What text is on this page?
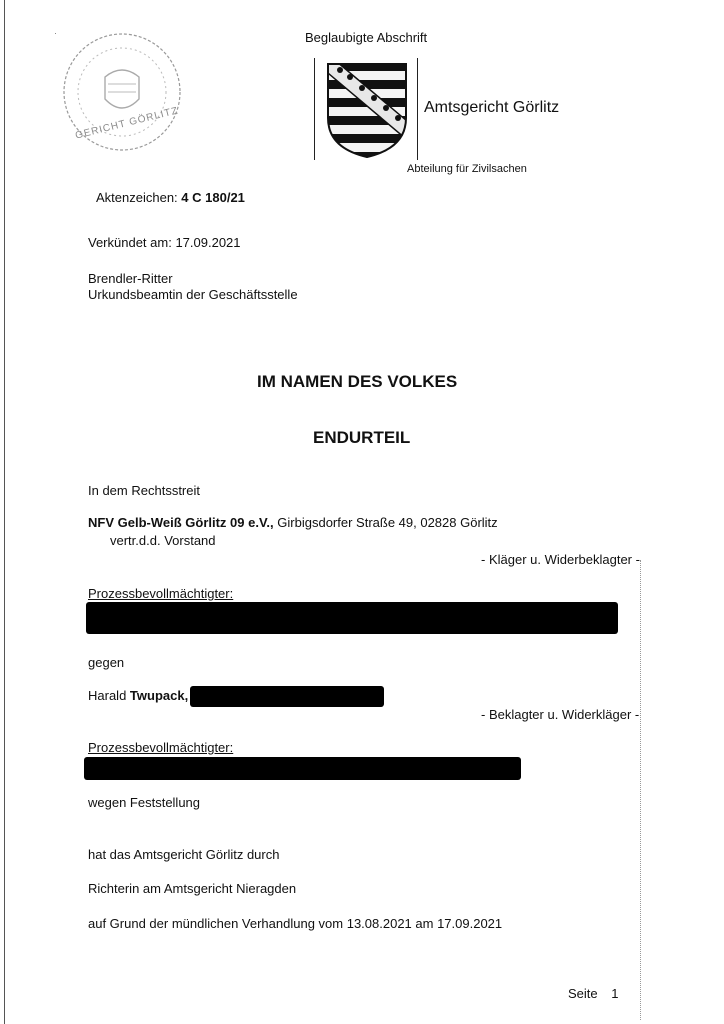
·
GERICHT GÖRLITZ
Beglaubigte Abschrift
Amtsgericht Görlitz
Abteilung für Zivilsachen
Aktenzeichen: 4 C 180/21
Verkündet am: 17.09.2021
Brendler-Ritter
Urkundsbeamtin der Geschäftsstelle
IM NAMEN DES VOLKES
ENDURTEIL
In dem Rechtsstreit
NFV Gelb-Weiß Görlitz 09 e.V., Girbigsdorfer Straße 49, 02828 Görlitz
vertr.d.d. Vorstand
- Kläger u. Widerbeklagter -
Prozessbevollmächtigter:
gegen
Harald Twupack,
- Beklagter u. Widerkläger -
Prozessbevollmächtigter:
wegen Feststellung
hat das Amtsgericht Görlitz durch
Richterin am Amtsgericht Nieragden
auf Grund der mündlichen Verhandlung vom 13.08.2021 am 17.09.2021
Seite 1
